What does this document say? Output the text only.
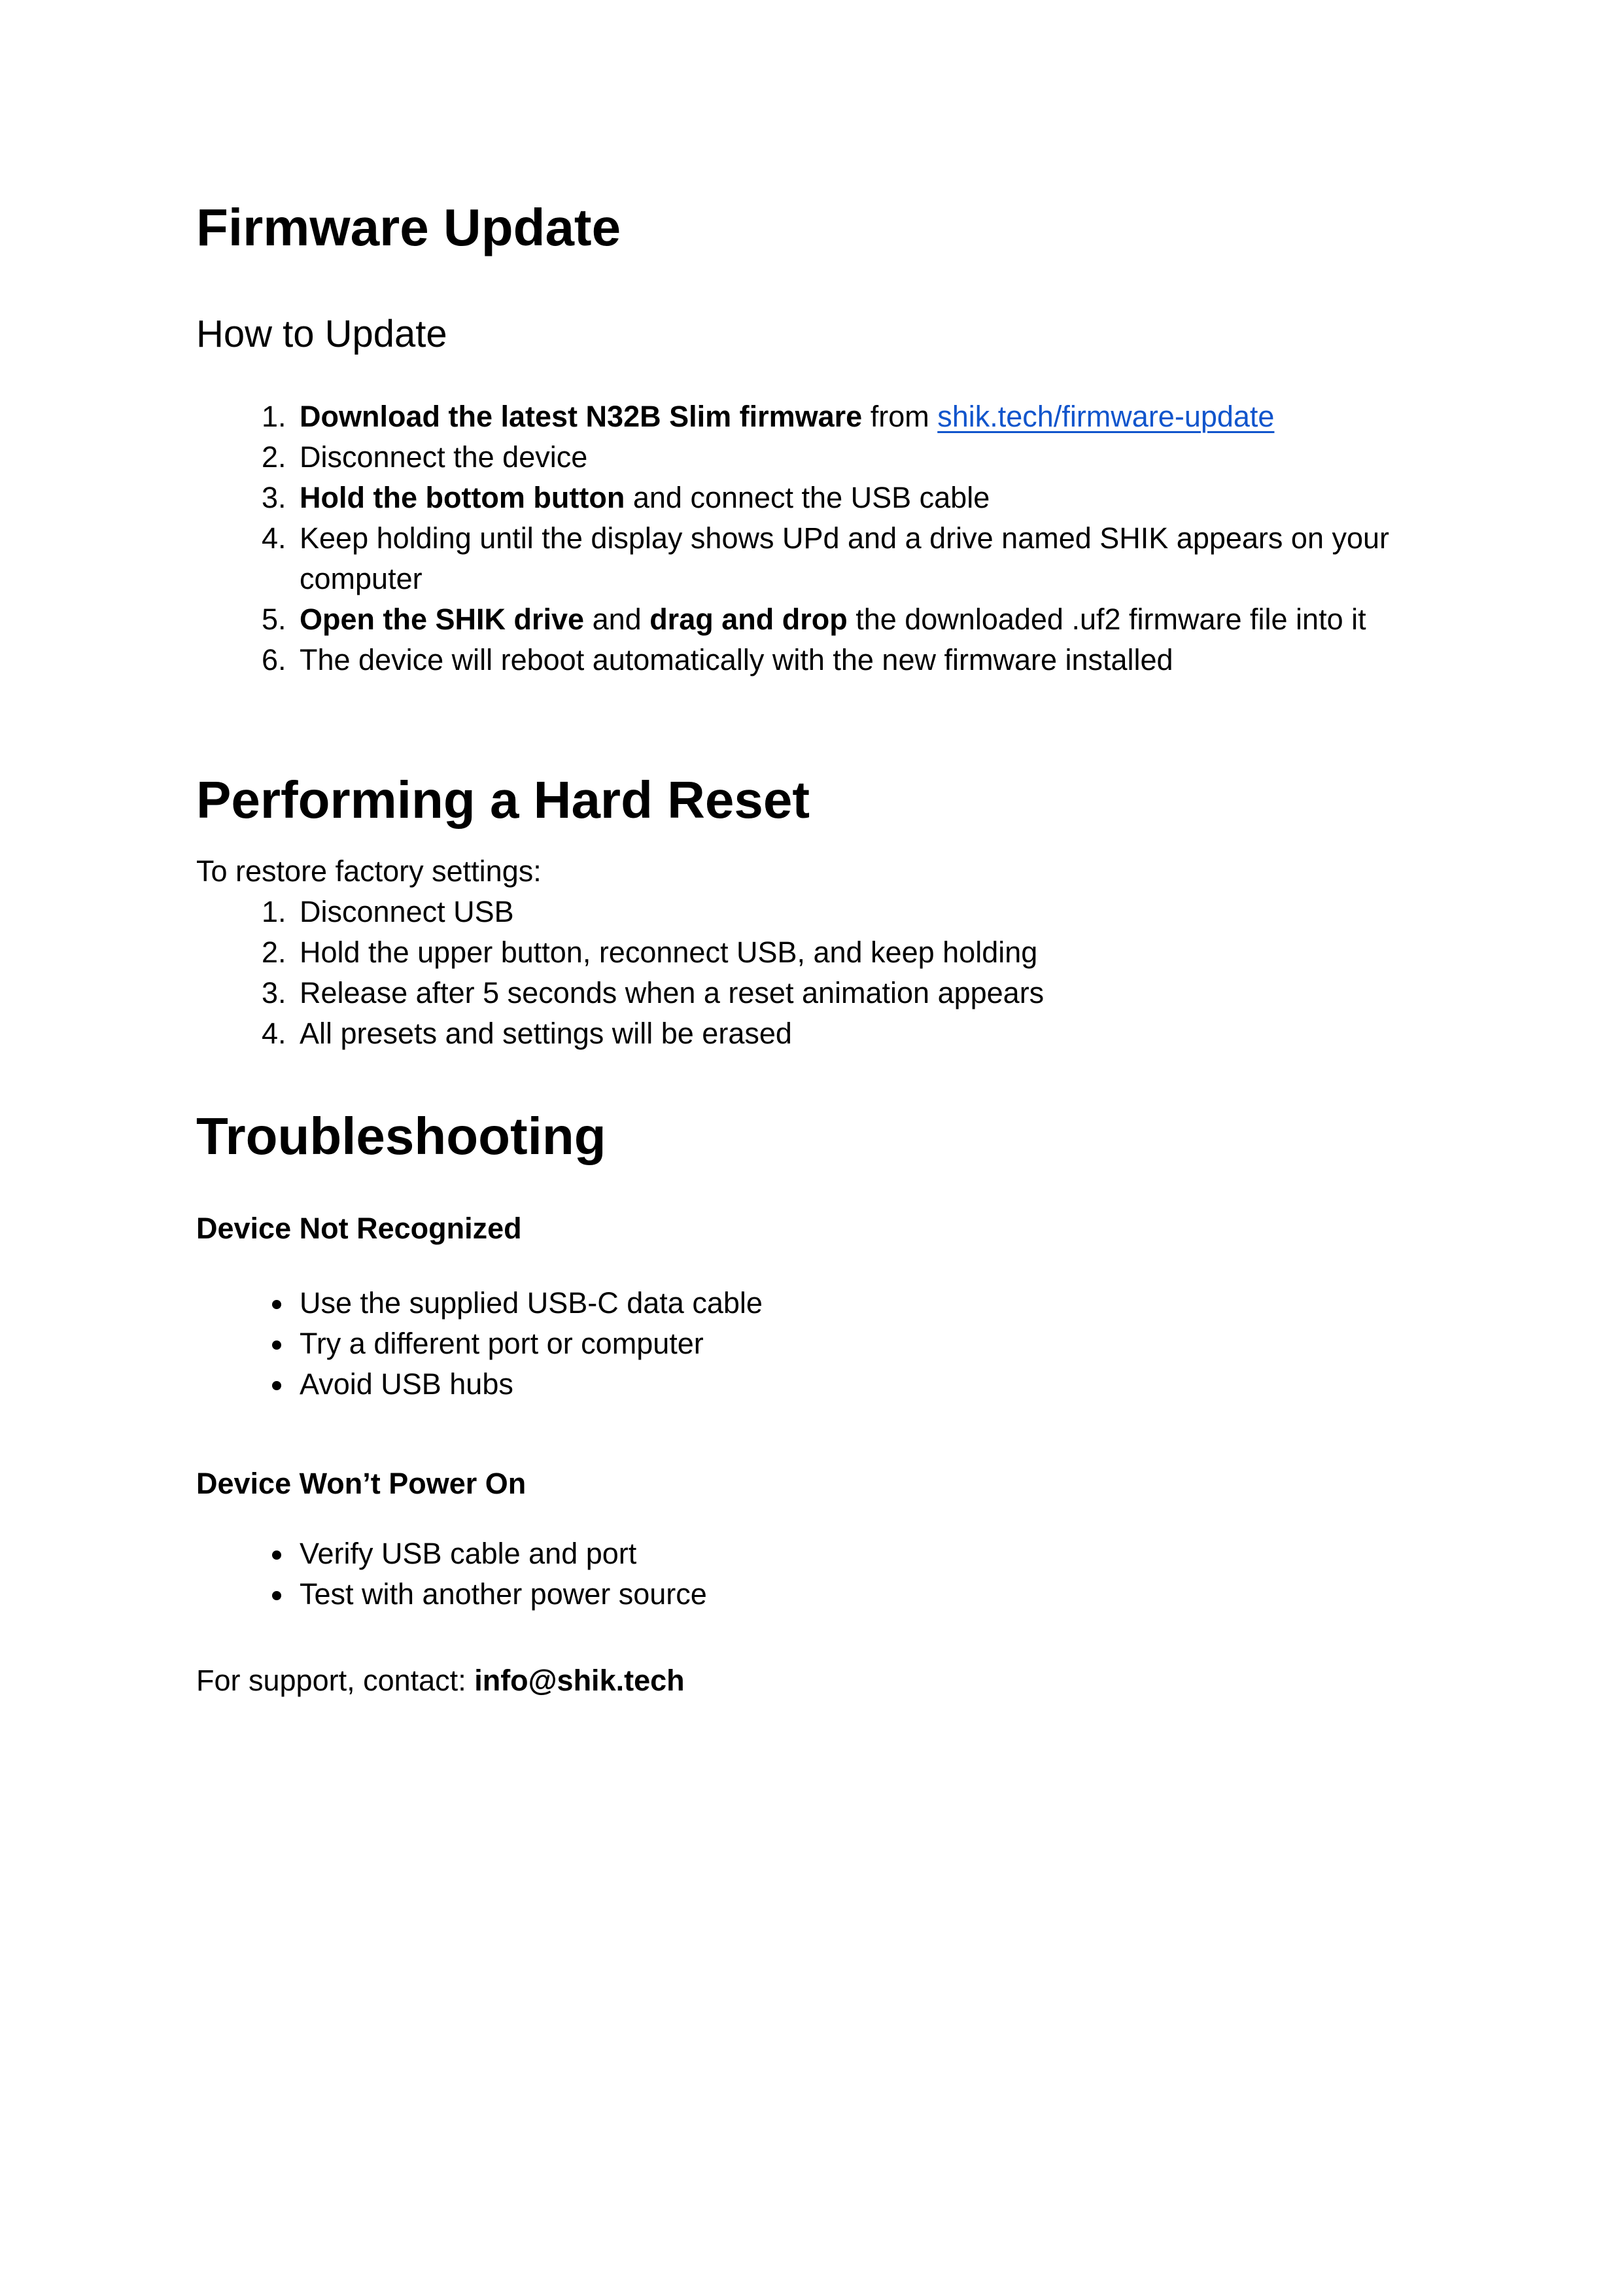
Firmware Update
How to Update
1. Download the latest N32B Slim firmware from shik.tech/firmware-update
2. Disconnect the device
3. Hold the bottom button and connect the USB cable
4. Keep holding until the display shows UPd and a drive named SHIK appears on your computer
5. Open the SHIK drive and drag and drop the downloaded .uf2 firmware file into it
6. The device will reboot automatically with the new firmware installed
Performing a Hard Reset

To restore factory settings:

1. Disconnect USB
2. Hold the upper button, reconnect USB, and keep holding
3. Release after 5 seconds when a reset animation appears
4. All presets and settings will be erased
Troubleshooting

Device Not Recognized

• Use the supplied USB-C data cable
• Try a different port or computer
• Avoid USB hubs

Device Won’t Power On

• Verify USB cable and port
• Test with another power source

For support, contact: info@shik.tech
